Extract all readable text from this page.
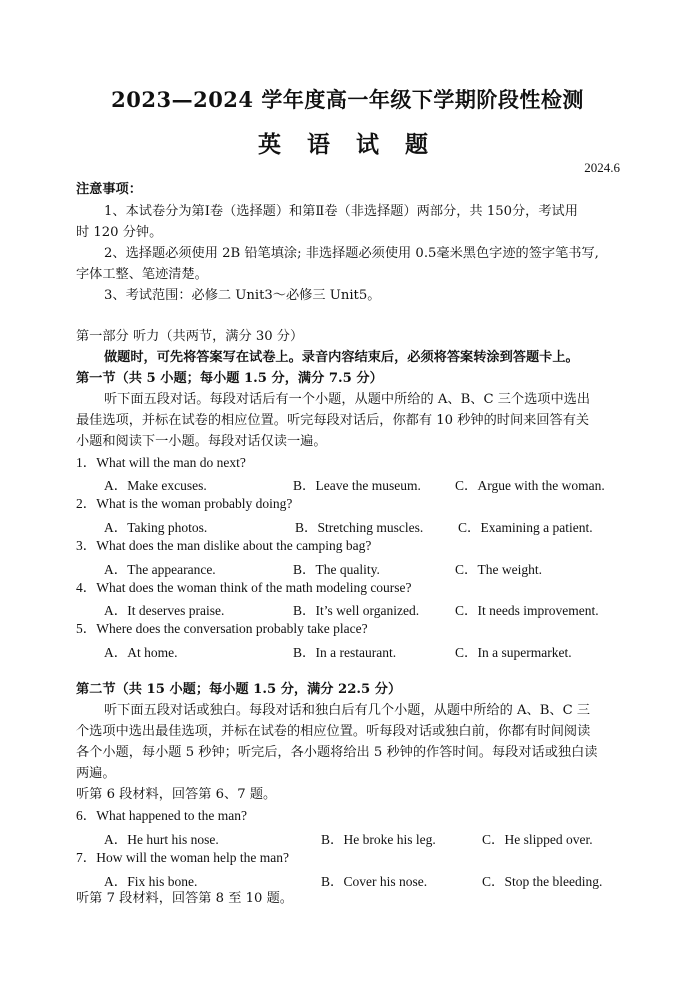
2023—2024 学年度高一年级下学期阶段性检测
英 语 试 题
2024.6
注意事项：
1、本试卷分为第Ⅰ卷（选择题）和第Ⅱ卷（非选择题）两部分，共 150分，考试用
时 120 分钟。
2、选择题必须使用 2B 铅笔填涂; 非选择题必须使用 0.5毫米黑色字迹的签字笔书写,
字体工整、笔迹清楚。
3、考试范围：必修二 Unit3～必修三 Unit5。
第一部分 听力（共两节，满分 30 分）
做题时，可先将答案写在试卷上。录音内容结束后，必须将答案转涂到答题卡上。
第一节（共 5 小题；每小题 1.5 分，满分 7.5 分）
听下面五段对话。每段对话后有一个小题，从题中所给的 A、B、C 三个选项中选出
最佳选项，并标在试卷的相应位置。听完每段对话后，你都有 10 秒钟的时间来回答有关
小题和阅读下一小题。每段对话仅读一遍。
1．What will the man do next?
A．Make excuses.	B．Leave the museum.	C．Argue with the woman.
2．What is the woman probably doing?
A．Taking photos.	B．Stretching muscles.	C．Examining a patient.
3．What does the man dislike about the camping bag?
A．The appearance.	B．The quality.	C．The weight.
4．What does the woman think of the math modeling course?
A．It deserves praise.	B．It’s well organized.	C．It needs improvement.
5．Where does the conversation probably take place?
A．At home.	B．In a restaurant.	C．In a supermarket.
第二节（共 15 小题；每小题 1.5 分，满分 22.5 分）
听下面五段对话或独白。每段对话和独白后有几个小题，从题中所给的 A、B、C 三
个选项中选出最佳选项，并标在试卷的相应位置。听每段对话或独白前，你都有时间阅读
各个小题，每小题 5 秒钟；听完后，各小题将给出 5 秒钟的作答时间。每段对话或独白读
两遍。
听第 6 段材料，回答第 6、7 题。
6．What happened to the man?
A．He hurt his nose.	B．He broke his leg.	C．He slipped over.
7．How will the woman help the man?
A．Fix his bone.	B．Cover his nose.	C．Stop the bleeding.
听第 7 段材料，回答第 8 至 10 题。
